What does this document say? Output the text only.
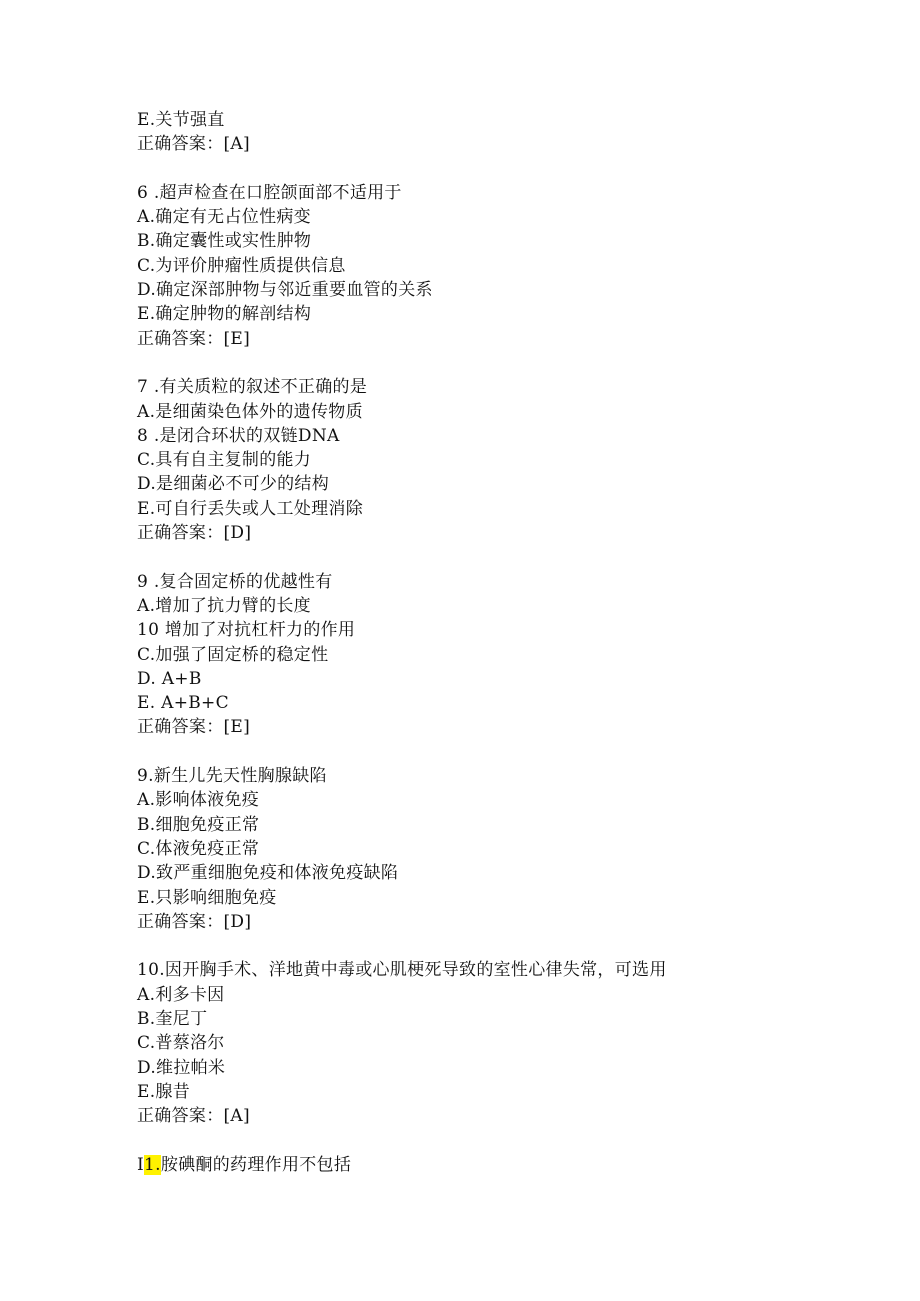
E.关节强直
正确答案：[A]
6 .超声检查在口腔颌面部不适用于
A.确定有无占位性病变
B.确定囊性或实性肿物
C.为评价肿瘤性质提供信息
D.确定深部肿物与邻近重要血管的关系
E.确定肿物的解剖结构
正确答案：[E]
7 .有关质粒的叙述不正确的是
A.是细菌染色体外的遗传物质
8 .是闭合环状的双链DNA
C.具有自主复制的能力
D.是细菌必不可少的结构
E.可自行丢失或人工处理消除
正确答案：[D]
9 .复合固定桥的优越性有
A.增加了抗力臂的长度
10 增加了对抗杠杆力的作用
C.加强了固定桥的稳定性
D. A+B
E. A+B+C
正确答案：[E]
9.新生儿先天性胸腺缺陷
A.影响体液免疫
B.细胞免疫正常
C.体液免疫正常
D.致严重细胞免疫和体液免疫缺陷
E.只影响细胞免疫
正确答案：[D]
10.因开胸手术、洋地黄中毒或心肌梗死导致的室性心律失常，可选用
A.利多卡因
B.奎尼丁
C.普蔡洛尔
D.维拉帕米
E.腺昔
正确答案：[A]
I1.胺碘酮的药理作用不包括
